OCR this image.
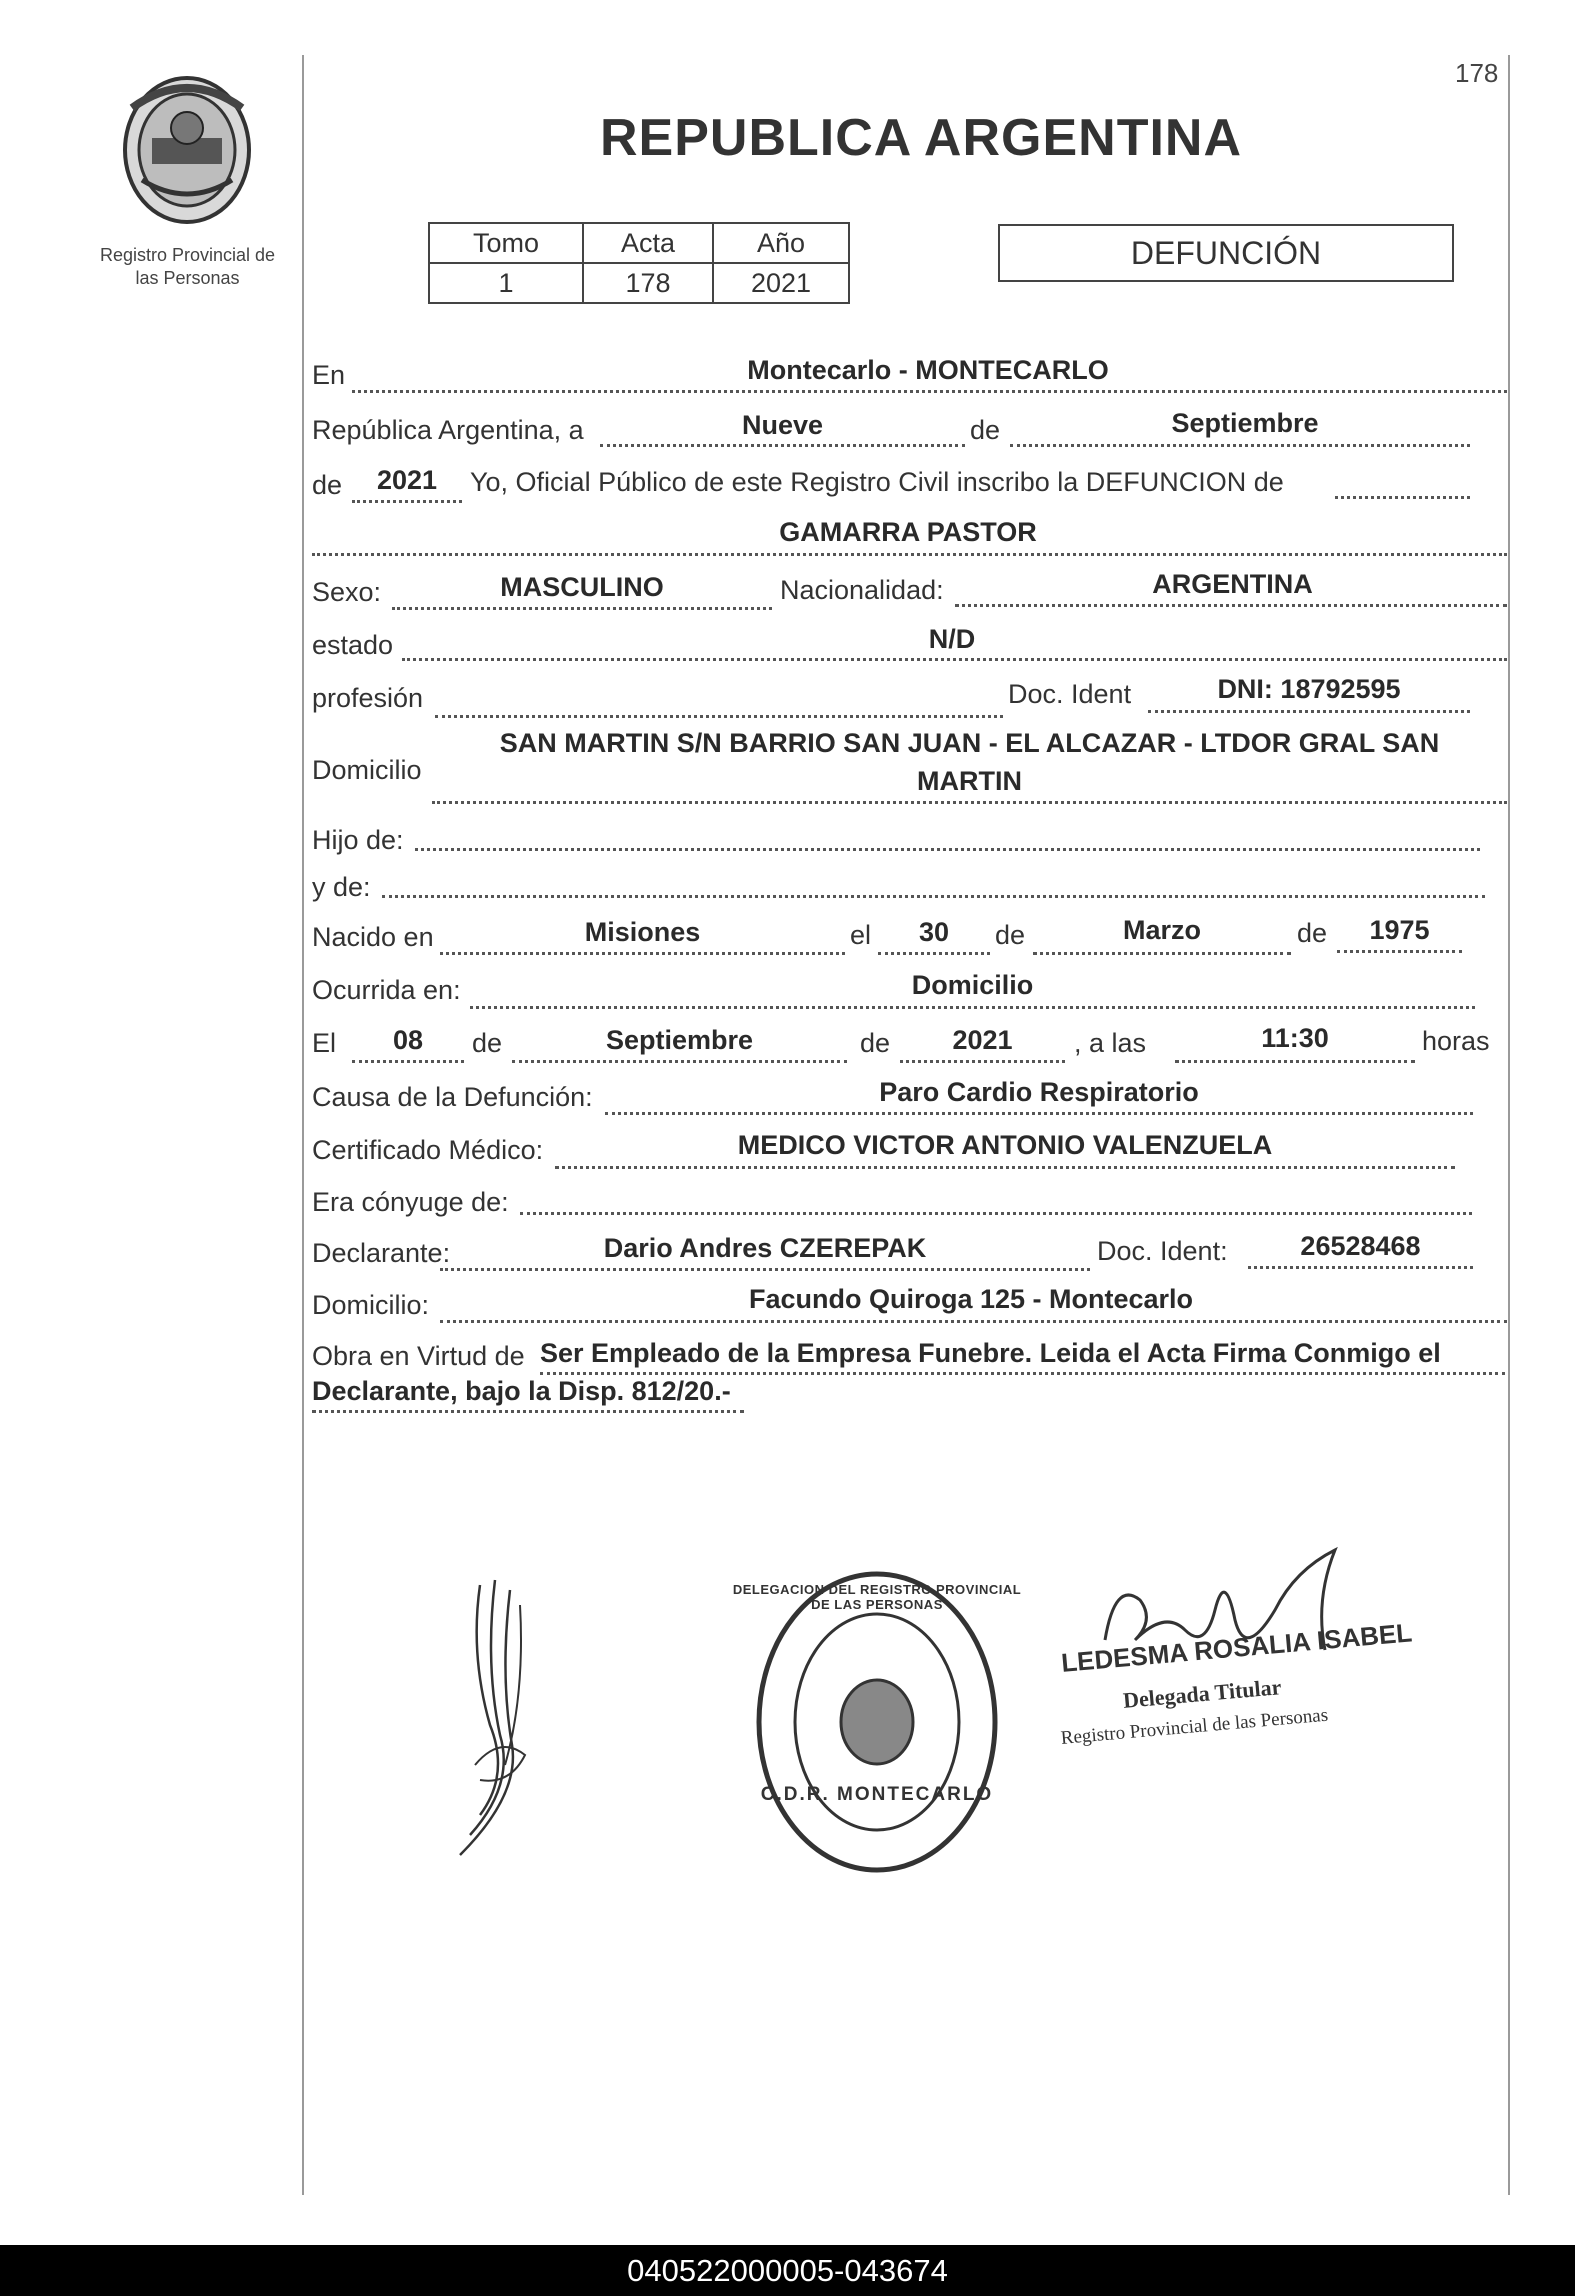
178
Registro Provincial de
las Personas
REPUBLICA ARGENTINA
Tomo	Acta	Año
1	178	2021
DEFUNCIÓN
En	Montecarlo - MONTECARLO
República Argentina, a	Nueve	de	Septiembre
de	2021	Yo, Oficial Público de este Registro Civil inscribo la DEFUNCION de
GAMARRA PASTOR
Sexo:	MASCULINO	Nacionalidad:	ARGENTINA
estado	N/D
profesión	Doc. Ident	DNI: 18792595
Domicilio
SAN MARTIN S/N BARRIO SAN JUAN - EL ALCAZAR - LTDOR GRAL SAN
MARTIN
Hijo de:
y de:
Nacido en	Misiones	el	30	de	Marzo	de	1975
Ocurrida en:	Domicilio
El	08	de	Septiembre	de	2021	, a las	11:30	horas
Causa de la Defunción:	Paro Cardio Respiratorio
Certificado Médico:	MEDICO VICTOR ANTONIO VALENZUELA
Era cónyuge de:
Declarante:	Dario Andres CZEREPAK	Doc. Ident:	26528468
Domicilio:	Facundo Quiroga 125 - Montecarlo
Obra en Virtud de Ser Empleado de la Empresa Funebre. Leida el Acta Firma Conmigo el
Declarante, bajo la Disp. 812/20.-
DELEGACION DEL REGISTRO PROVINCIAL DE LAS PERSONAS
C.D.R. MONTECARLO
LEDESMA ROSALIA ISABEL
Delegada Titular
Registro Provincial de las Personas
040522000005-043674
